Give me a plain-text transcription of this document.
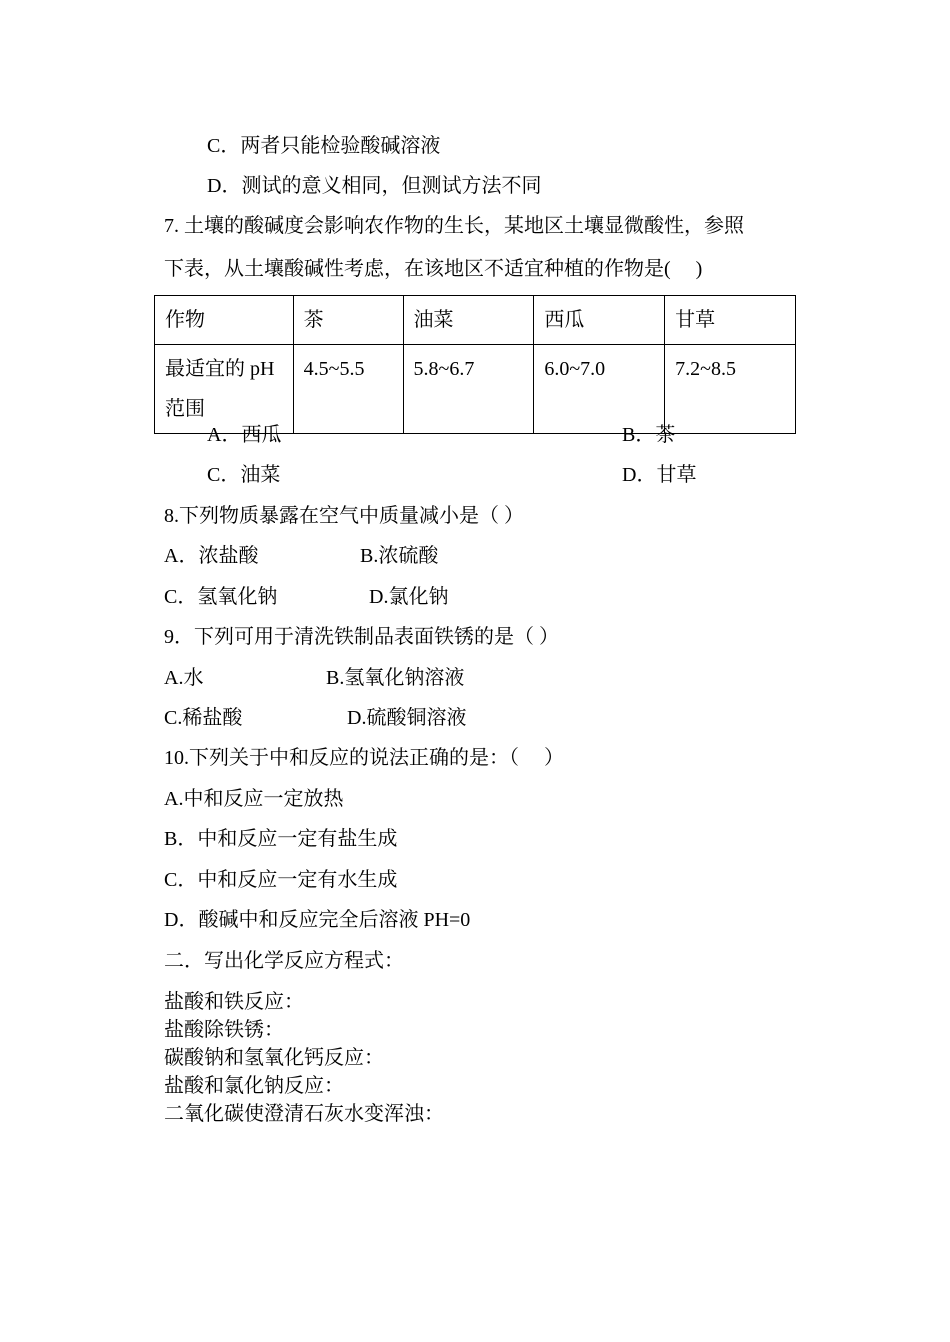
C．两者只能检验酸碱溶液
D．测试的意义相同，但测试方法不同
7. 土壤的酸碱度会影响农作物的生长，某地区土壤显微酸性，参照
下表，从土壤酸碱性考虑，在该地区不适宜种植的作物是(　 )
作物	茶	油菜	西瓜	甘草
最适宜的 pH 范围	4.5~5.5	5.8~6.7	6.0~7.0	7.2~8.5
A．西瓜	B．茶
C．油菜	D．甘草
8.下列物质暴露在空气中质量减小是（ ）
A．浓盐酸	B.浓硫酸
C．氢氧化钠	D.氯化钠
9．下列可用于清洗铁制品表面铁锈的是（ ）
A.水	B.氢氧化钠溶液
C.稀盐酸	D.硫酸铜溶液
10.下列关于中和反应的说法正确的是：（　 ）
A.中和反应一定放热
B．中和反应一定有盐生成
C．中和反应一定有水生成
D．酸碱中和反应完全后溶液 PH=0
二．写出化学反应方程式：
盐酸和铁反应：
盐酸除铁锈：
碳酸钠和氢氧化钙反应：
盐酸和氯化钠反应：
二氧化碳使澄清石灰水变浑浊：
